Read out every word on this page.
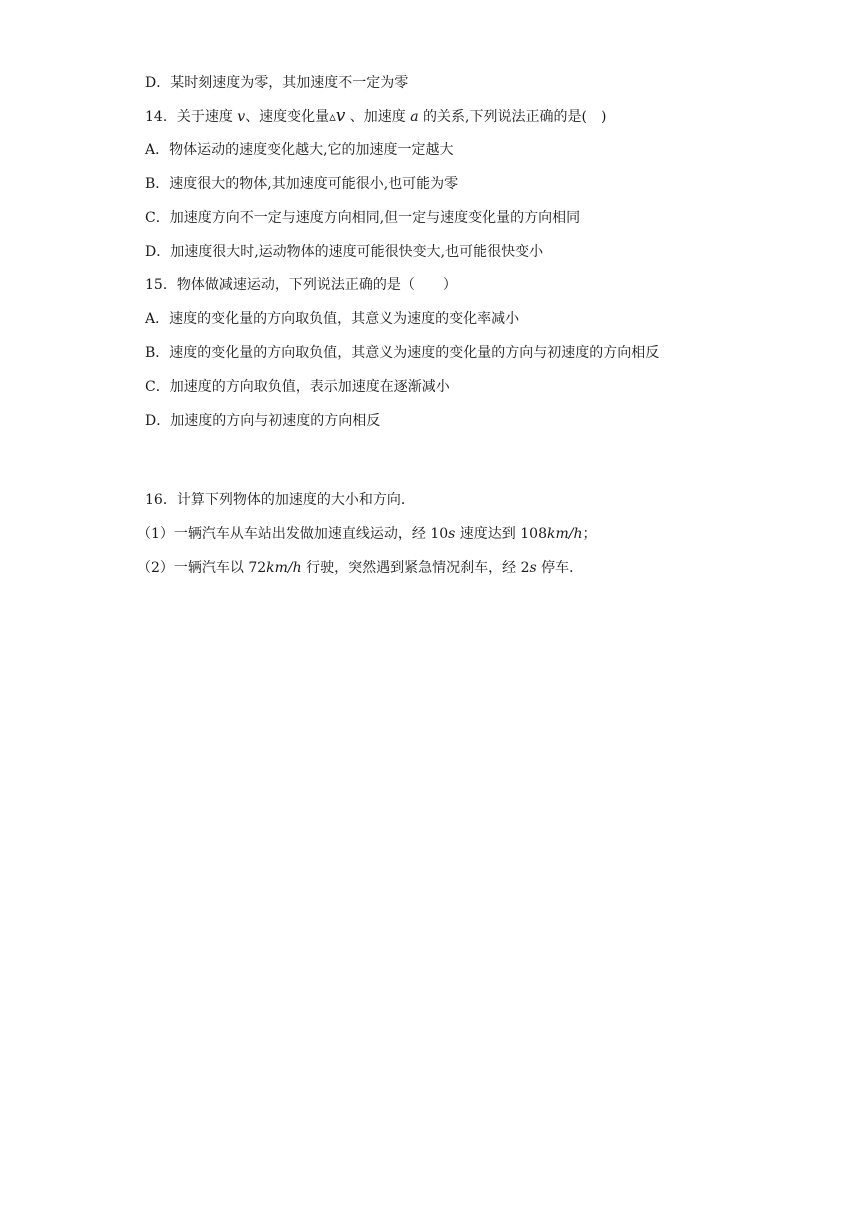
D．某时刻速度为零，其加速度不一定为零
14．关于速度 v、速度变化量▵v 、加速度 a 的关系,下列说法正确的是(　)
A．物体运动的速度变化越大,它的加速度一定越大
B．速度很大的物体,其加速度可能很小,也可能为零
C．加速度方向不一定与速度方向相同,但一定与速度变化量的方向相同
D．加速度很大时,运动物体的速度可能很快变大,也可能很快变小
15．物体做减速运动，下列说法正确的是（　　）
A．速度的变化量的方向取负值，其意义为速度的变化率减小
B．速度的变化量的方向取负值，其意义为速度的变化量的方向与初速度的方向相反
C．加速度的方向取负值，表示加速度在逐渐减小
D．加速度的方向与初速度的方向相反
16．计算下列物体的加速度的大小和方向．
（1）一辆汽车从车站出发做加速直线运动，经 10s 速度达到 108km/h；
（2）一辆汽车以 72km/h 行驶，突然遇到紧急情况刹车，经 2s 停车．
